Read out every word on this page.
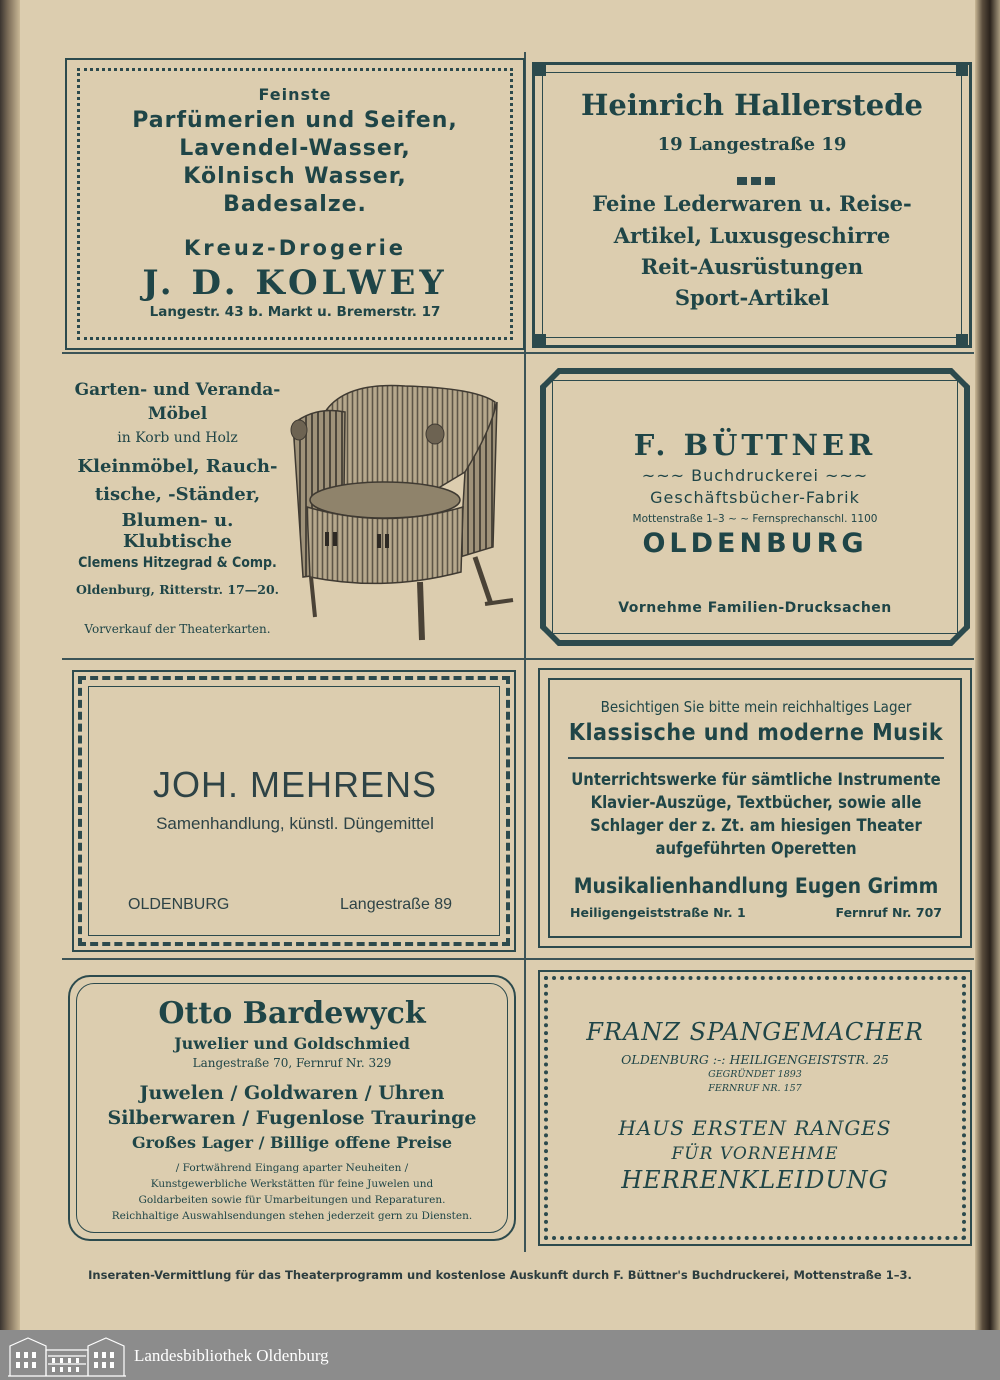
Feinste
Parfümerien und Seifen,
Lavendel-Wasser,
Kölnisch Wasser,
Badesalze.
Kreuz-Drogerie
J. D. KOLWEY
Langestr. 43 b. Markt u. Bremerstr. 17
Heinrich Hallerstede
19 Langestraße 19
Feine Lederwaren u. Reise-
Artikel, Luxusgeschirre
Reit-Ausrüstungen
Sport-Artikel
Garten- und Veranda-
Möbel
in Korb und Holz
Kleinmöbel, Rauch-
tische, -Ständer,
Blumen- u. Klubtische
Clemens Hitzegrad & Comp.
Oldenburg, Ritterstr. 17—20.
Vorverkauf der Theaterkarten.
F. BÜTTNER
~~~ Buchdruckerei ~~~
Geschäftsbücher-Fabrik
Mottenstraße 1–3 ~ ~ Fernsprechanschl. 1100
OLDENBURG
Vornehme Familien-Drucksachen
JOH. MEHRENS
Samenhandlung, künstl. Düngemittel
OLDENBURG	Langestraße 89
Besichtigen Sie bitte mein reichhaltiges Lager
Klassische und moderne Musik
Unterrichtswerke für sämtliche Instrumente
Klavier-Auszüge, Textbücher, sowie alle
Schlager der z. Zt. am hiesigen Theater
aufgeführten Operetten
Musikalienhandlung Eugen Grimm
Heiligengeiststraße Nr. 1	Fernruf Nr. 707
Otto Bardewyck
Juwelier und Goldschmied
Langestraße 70, Fernruf Nr. 329
Juwelen / Goldwaren / Uhren
Silberwaren / Fugenlose Trauringe
Großes Lager / Billige offene Preise
/ Fortwährend Eingang aparter Neuheiten /
Kunstgewerbliche Werkstätten für feine Juwelen und
Goldarbeiten sowie für Umarbeitungen und Reparaturen.
Reichhaltige Auswahlsendungen stehen jederzeit gern zu Diensten.
FRANZ SPANGEMACHER
OLDENBURG :-: HEILIGENGEISTSTR. 25
GEGRÜNDET 1893
FERNRUF NR. 157
HAUS ERSTEN RANGES
FÜR VORNEHME
HERRENKLEIDUNG
Inseraten-Vermittlung für das Theaterprogramm und kostenlose Auskunft durch F. Büttner's Buchdruckerei, Mottenstraße 1–3.
Landesbibliothek Oldenburg
